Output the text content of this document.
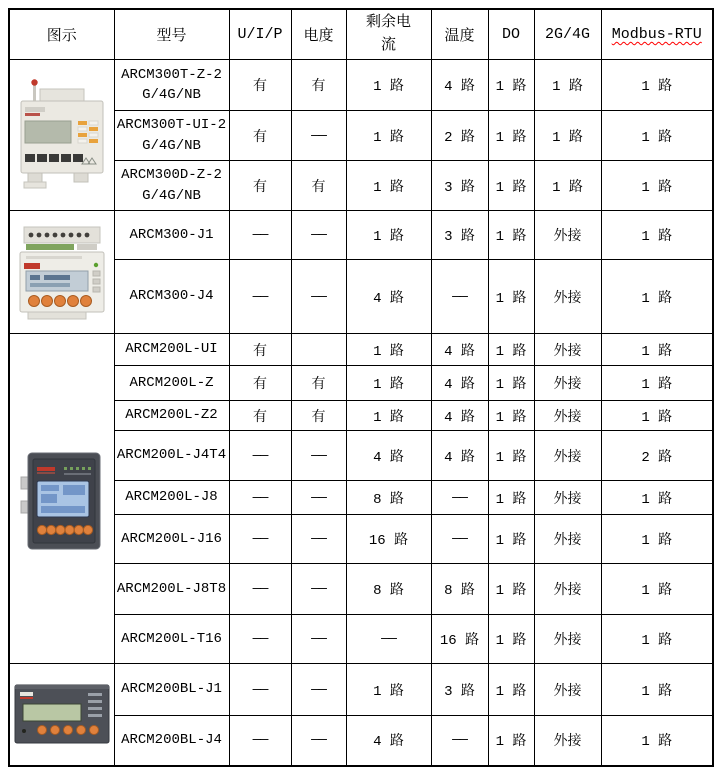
图示	型号	U/I/P	电度	剩余电流	温度	DO	2G/4G	Modbus-RTU
	ARCM300T-Z-2G/4G/NB	有	有	1 路	4 路	1 路	1 路	1 路
	ARCM300T-UI-2G/4G/NB	有	——	1 路	2 路	1 路	1 路	1 路
	ARCM300D-Z-2G/4G/NB	有	有	1 路	3 路	1 路	1 路	1 路
	ARCM300-J1	——	——	1 路	3 路	1 路	外接	1 路
	ARCM300-J4	——	——	4 路	——	1 路	外接	1 路
	ARCM200L-UI	有		1 路	4 路	1 路	外接	1 路
	ARCM200L-Z	有	有	1 路	4 路	1 路	外接	1 路
	ARCM200L-Z2	有	有	1 路	4 路	1 路	外接	1 路
	ARCM200L-J4T4	——	——	4 路	4 路	1 路	外接	2 路
	ARCM200L-J8	——	——	8 路	——	1 路	外接	1 路
	ARCM200L-J16	——	——	16 路	——	1 路	外接	1 路
	ARCM200L-J8T8	——	——	8 路	8 路	1 路	外接	1 路
	ARCM200L-T16	——	——	——	16 路	1 路	外接	1 路
	ARCM200BL-J1	——	——	1 路	3 路	1 路	外接	1 路
	ARCM200BL-J4	——	——	4 路	——	1 路	外接	1 路
